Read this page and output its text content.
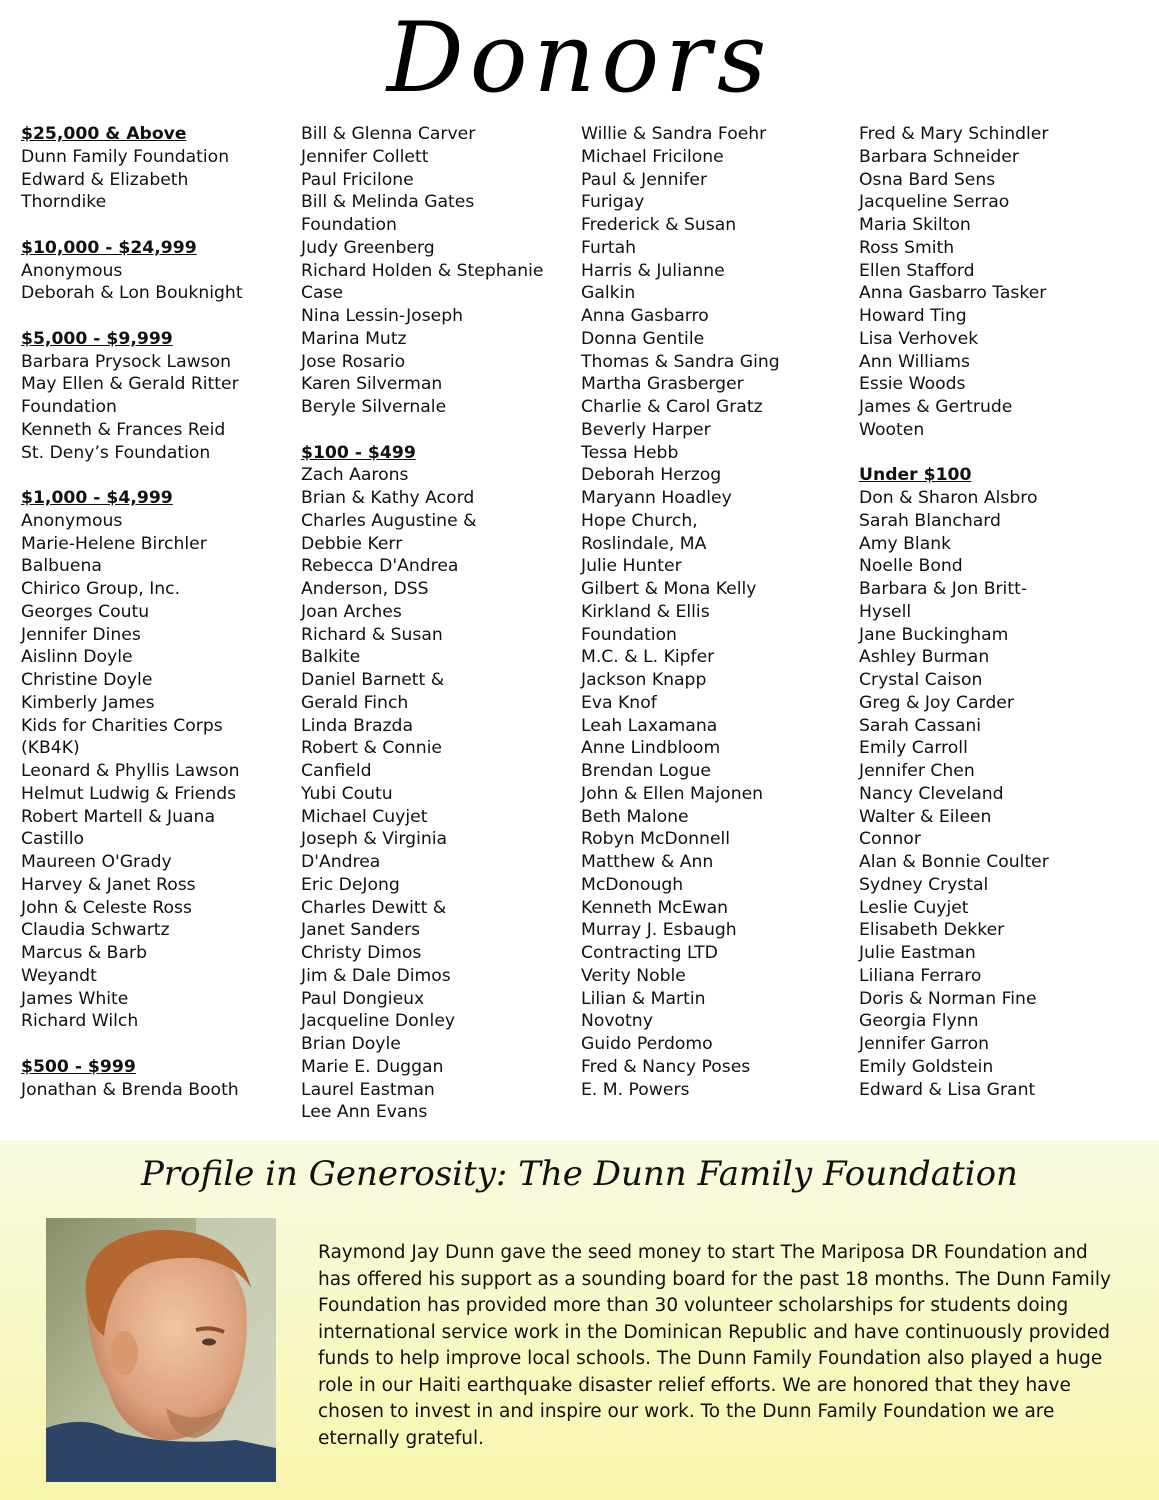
Donors
$25,000 & Above
Dunn Family Foundation
Edward & Elizabeth
Thorndike
$10,000 - $24,999
Anonymous
Deborah & Lon Bouknight
$5,000 - $9,999
Barbara Prysock Lawson
May Ellen & Gerald Ritter
Foundation
Kenneth & Frances Reid
St. Deny’s Foundation
$1,000 - $4,999
Anonymous
Marie-Helene Birchler
Balbuena
Chirico Group, Inc.
Georges Coutu
Jennifer Dines
Aislinn Doyle
Christine Doyle
Kimberly James
Kids for Charities Corps
(KB4K)
Leonard & Phyllis Lawson
Helmut Ludwig & Friends
Robert Martell & Juana
Castillo
Maureen O'Grady
Harvey & Janet Ross
John & Celeste Ross
Claudia Schwartz
Marcus & Barb
Weyandt
James White
Richard Wilch
$500 - $999
Jonathan & Brenda Booth
Bill & Glenna Carver
Jennifer Collett
Paul Fricilone
Bill & Melinda Gates
Foundation
Judy Greenberg
Richard Holden & Stephanie
Case
Nina Lessin-Joseph
Marina Mutz
Jose Rosario
Karen Silverman
Beryle Silvernale
$100 - $499
Zach Aarons
Brian & Kathy Acord
Charles Augustine &
Debbie Kerr
Rebecca D'Andrea
Anderson, DSS
Joan Arches
Richard & Susan
Balkite
Daniel Barnett &
Gerald Finch
Linda Brazda
Robert & Connie
Canfield
Yubi Coutu
Michael Cuyjet
Joseph & Virginia
D'Andrea
Eric DeJong
Charles Dewitt &
Janet Sanders
Christy Dimos
Jim & Dale Dimos
Paul Dongieux
Jacqueline Donley
Brian Doyle
Marie E. Duggan
Laurel Eastman
Lee Ann Evans
Willie & Sandra Foehr
Michael Fricilone
Paul & Jennifer
Furigay
Frederick & Susan
Furtah
Harris & Julianne
Galkin
Anna Gasbarro
Donna Gentile
Thomas & Sandra Ging
Martha Grasberger
Charlie & Carol Gratz
Beverly Harper
Tessa Hebb
Deborah Herzog
Maryann Hoadley
Hope Church,
Roslindale, MA
Julie Hunter
Gilbert & Mona Kelly
Kirkland & Ellis
Foundation
M.C. & L. Kipfer
Jackson Knapp
Eva Knof
Leah Laxamana
Anne Lindbloom
Brendan Logue
John & Ellen Majonen
Beth Malone
Robyn McDonnell
Matthew & Ann
McDonough
Kenneth McEwan
Murray J. Esbaugh
Contracting LTD
Verity Noble
Lilian & Martin
Novotny
Guido Perdomo
Fred & Nancy Poses
E. M. Powers
Fred & Mary Schindler
Barbara Schneider
Osna Bard Sens
Jacqueline Serrao
Maria Skilton
Ross Smith
Ellen Stafford
Anna Gasbarro Tasker
Howard Ting
Lisa Verhovek
Ann Williams
Essie Woods
James & Gertrude
Wooten
Under $100
Don & Sharon Alsbro
Sarah Blanchard
Amy Blank
Noelle Bond
Barbara & Jon Britt-
Hysell
Jane Buckingham
Ashley Burman
Crystal Caison
Greg & Joy Carder
Sarah Cassani
Emily Carroll
Jennifer Chen
Nancy Cleveland
Walter & Eileen
Connor
Alan & Bonnie Coulter
Sydney Crystal
Leslie Cuyjet
Elisabeth Dekker
Julie Eastman
Liliana Ferraro
Doris & Norman Fine
Georgia Flynn
Jennifer Garron
Emily Goldstein
Edward & Lisa Grant
Profile in Generosity: The Dunn Family Foundation
Raymond Jay Dunn gave the seed money to start The Mariposa DR Foundation and has offered his support as a sounding board for the past 18 months. The Dunn Family Foundation has provided more than 30 volunteer scholarships for students doing international service work in the Dominican Republic and have continuously provided funds to help improve local schools. The Dunn Family Foundation also played a huge role in our Haiti earthquake disaster relief efforts. We are honored that they have chosen to invest in and inspire our work. To the Dunn Family Foundation we are eternally grateful.
